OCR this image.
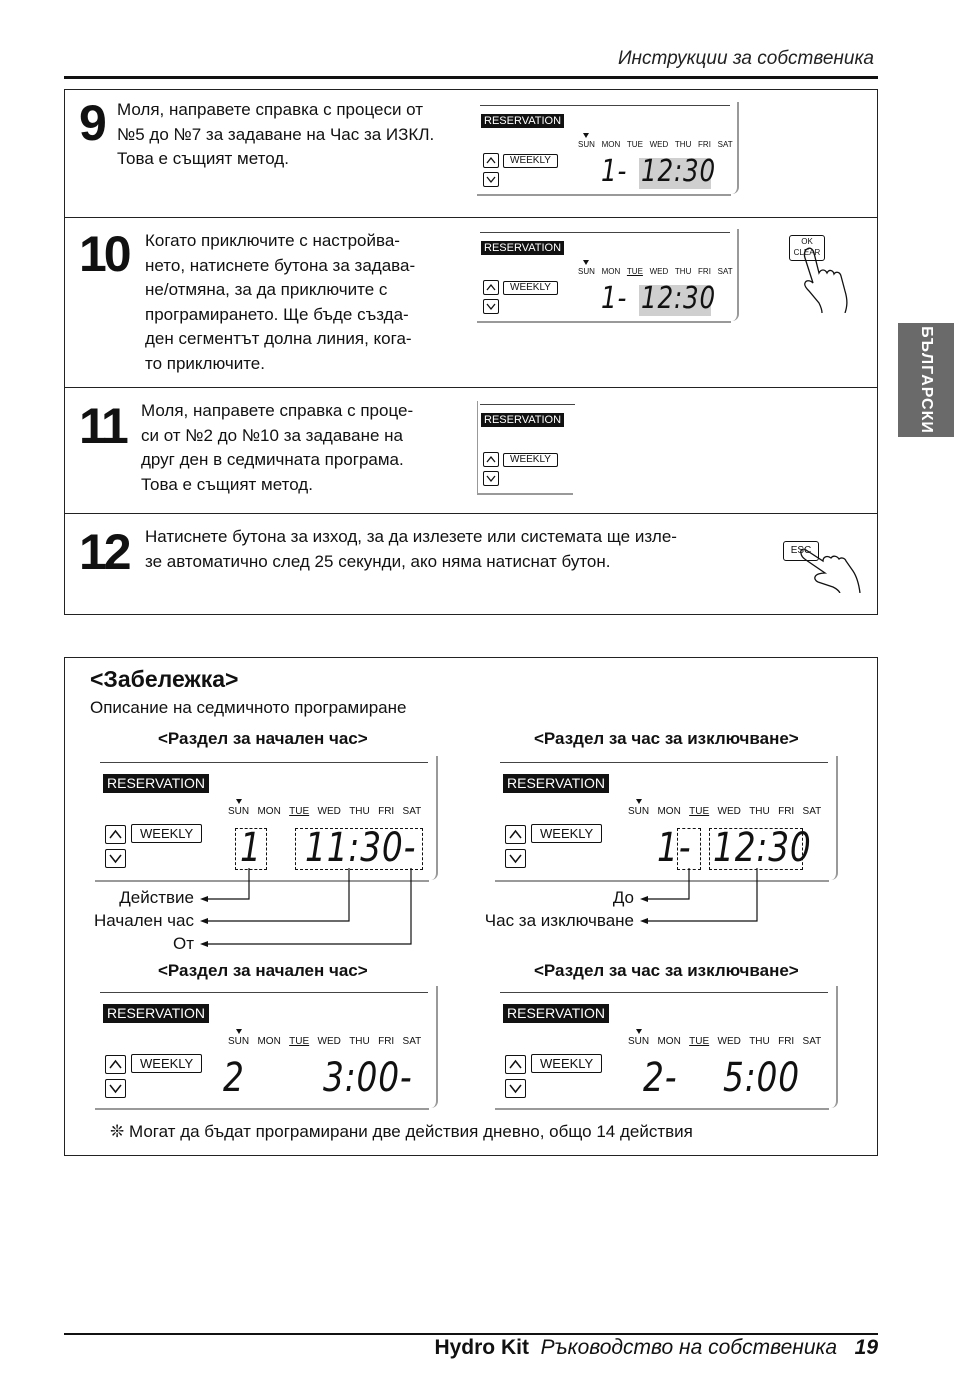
Инструкции за собственика
9 Моля, направете справка с процеси от
№5 до №7 за задаване на Час за ИЗКЛ.
Това е същият метод.
RESERVATION
WEEKLY
SUN MON TUE WED THU FRI SAT
1- 12:30
10 Когато приключите с настройва-
нето, натиснете бутона за задава-
не/отмяна, за да приключите с
програмирането. Ще бъде създа-
ден сегментът долна линия, кога-
то приключите.
RESERVATION
WEEKLY
SUN MON TUE WED THU FRI SAT
1- 12:30
OK
CLEAR
11 Моля, направете справка с проце-
си от №2 до №10 за задаване на
друг ден в седмичната програма.
Това е същият метод.
RESERVATION
WEEKLY
12 Натиснете бутона за изход, за да излезете или системата ще изле-
зе автоматично след 25 секунди, ако няма натиснат бутон.
ESC
БЪЛГАРСКИ
<Забележка>
Описание на седмичното програмиране
<Раздел за начален час>	<Раздел за час за изключване>
<Раздел за начален час>	<Раздел за час за изключване>
RESERVATION
WEEKLY
SUN MON TUE WED THU FRI SAT
1 11:30-
RESERVATION
WEEKLY
SUN MON TUE WED THU FRI SAT
1- 12:30
Действие
Начален час
От
До
Час за изключване
RESERVATION
WEEKLY
SUN MON TUE WED THU FRI SAT
2 3:00-
RESERVATION
WEEKLY
SUN MON TUE WED THU FRI SAT
2- 5:00
❊ Могат да бъдат програмирани две действия дневно, общо 14 действия
Hydro Kit Ръководство на собственика 19
